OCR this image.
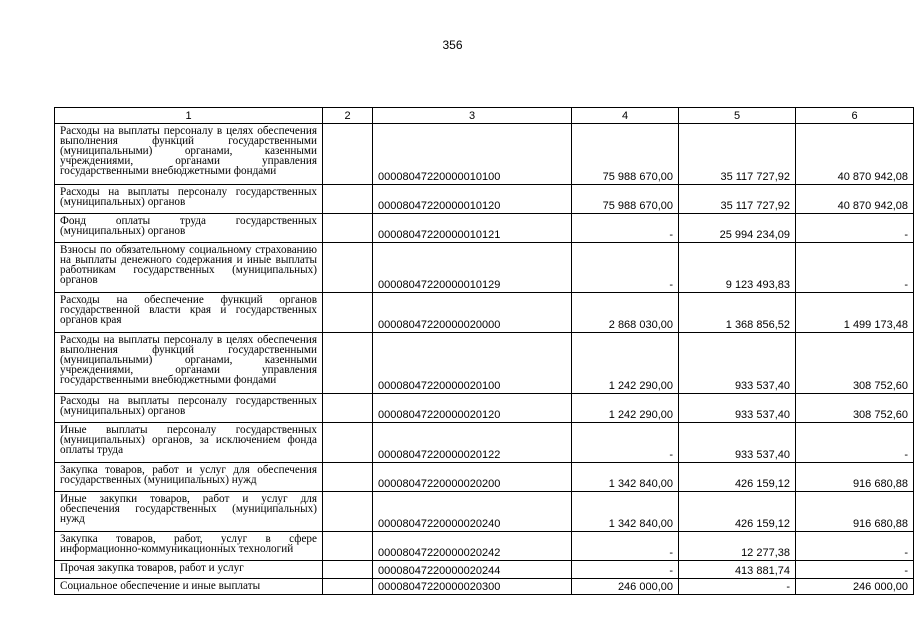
356
1	2	3	4	5	6
Расходы на выплаты персоналу в целях обеспечения выполнения функций государственными (муниципальными) органами, казенными учреждениями, органами управления государственными внебюджетными фондами		00008047220000010100	75 988 670,00	35 117 727,92	40 870 942,08
Расходы на выплаты персоналу государственных (муниципальных) органов		00008047220000010120	75 988 670,00	35 117 727,92	40 870 942,08
Фонд оплаты труда государственных (муниципальных) органов		00008047220000010121	-	25 994 234,09	-
Взносы по обязательному социальному страхованию на выплаты денежного содержания и иные выплаты работникам государственных (муниципальных) органов		00008047220000010129	-	9 123 493,83	-
Расходы на обеспечение функций органов государственной власти края и государственных органов края		00008047220000020000	2 868 030,00	1 368 856,52	1 499 173,48
Расходы на выплаты персоналу в целях обеспечения выполнения функций государственными (муниципальными) органами, казенными учреждениями, органами управления государственными внебюджетными фондами		00008047220000020100	1 242 290,00	933 537,40	308 752,60
Расходы на выплаты персоналу государственных (муниципальных) органов		00008047220000020120	1 242 290,00	933 537,40	308 752,60
Иные выплаты персоналу государственных (муниципальных) органов, за исключением фонда оплаты труда		00008047220000020122	-	933 537,40	-
Закупка товаров, работ и услуг для обеспечения государственных (муниципальных) нужд		00008047220000020200	1 342 840,00	426 159,12	916 680,88
Иные закупки товаров, работ и услуг для обеспечения государственных (муниципальных) нужд		00008047220000020240	1 342 840,00	426 159,12	916 680,88
Закупка товаров, работ, услуг в сфере информационно-коммуникационных технологий		00008047220000020242	-	12 277,38	-
Прочая закупка товаров, работ и услуг		00008047220000020244	-	413 881,74	-
Социальное обеспечение и иные выплаты		00008047220000020300	246 000,00	-	246 000,00
